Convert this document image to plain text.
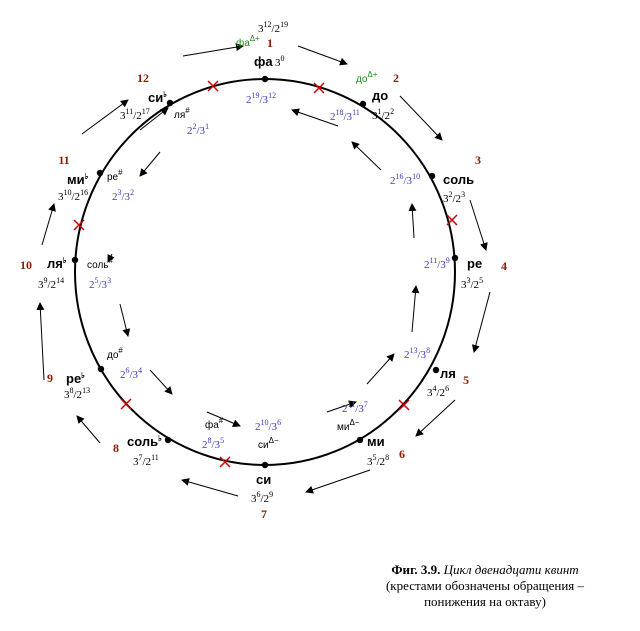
1
фа $3^0$
$2^{19}/3^{12}$
$3^{12}/2^{19}$
2
до
$3^1/2^2$
$2^{18}/3^{11}$
3
соль
$3^2/2^3$
$2^{16}/3^{10}$
4
ре
$3^3/2^5$
$2^{11}/3^9$
5
ля
$3^4/2^6$
$2^{13}/3^8$
6
ми
$3^5/2^8$
$2^{11}/3^7$
$ми^{\Delta-}$
7
си
$3^6/2^9$
$2^{10}/3^6$
$си^{\Delta-}$
8 соль♭
$3^7/2^{11}$
$2^8/3^5$
фа#
9 ре♭
$3^8/2^{13}$
$2^6/3^4$
до#
10 ля♭
$3^9/2^{14}$ $2^5/3^3$
соль#
11
ми♭
$3^{10}/2^{16}$ $2^3/3^2$
ре#
12
си♭
$3^{11}/2^{17}$
$2^2/3^1$
ля#
$фа^{\Delta+}$
$до^{\Delta+}$
Фиг. 3.9. Цикл двенадцати квинт
(крестами обозначены обращения –
понижения на октаву)
